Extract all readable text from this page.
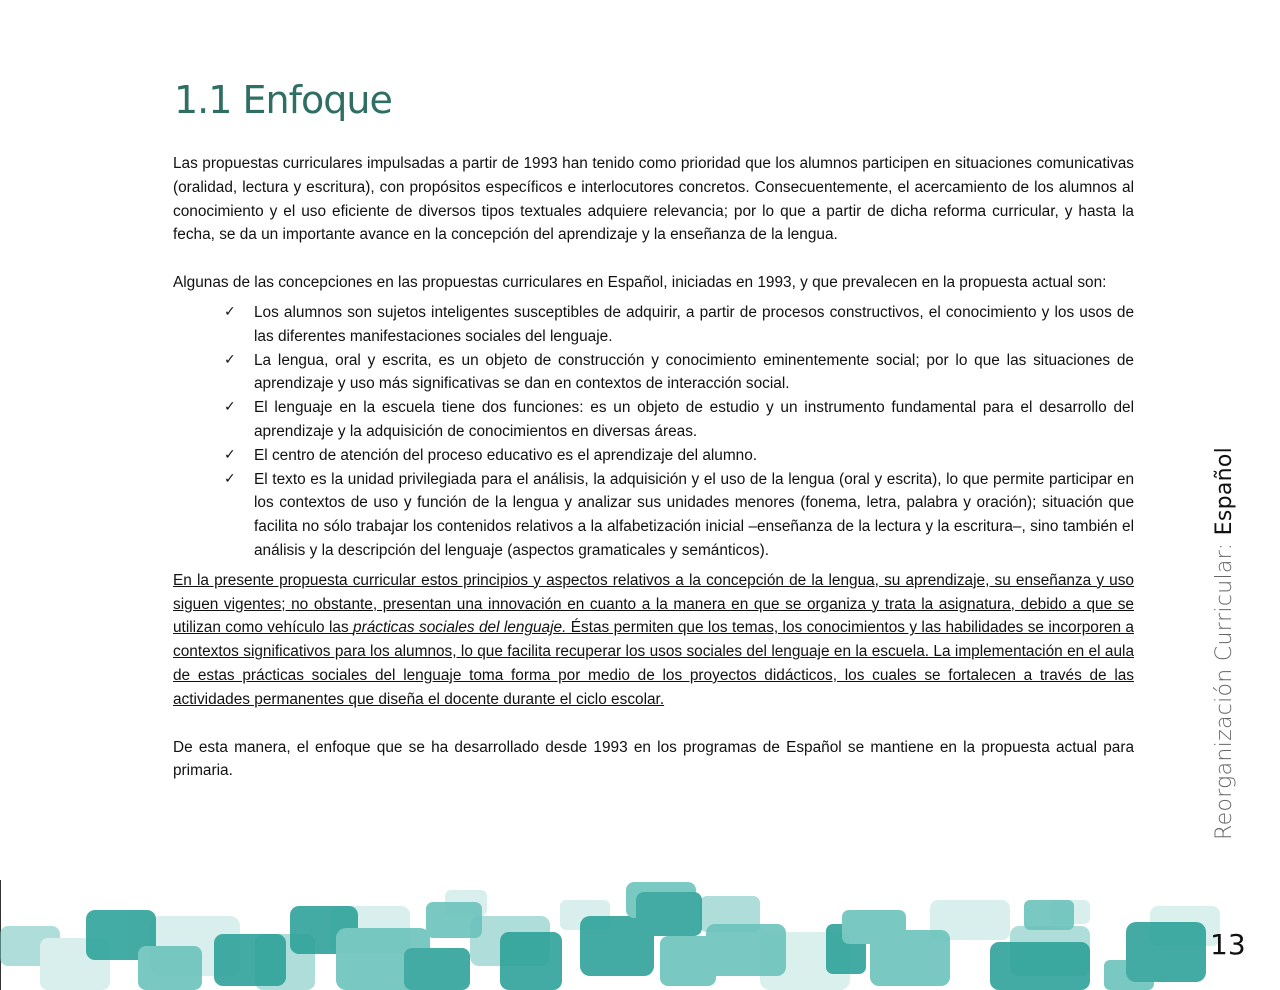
1.1 Enfoque

Las propuestas curriculares impulsadas a partir de 1993 han tenido como prioridad que los alumnos participen en situaciones comunicativas (oralidad, lectura y escritura), con propósitos específicos e interlocutores concretos. Consecuentemente, el acercamiento de los alumnos al conocimiento y el uso eficiente de diversos tipos textuales adquiere relevancia; por lo que a partir de dicha reforma curricular, y hasta la fecha, se da un importante avance en la concepción del aprendizaje y la enseñanza de la lengua.

Algunas de las concepciones en las propuestas curriculares en Español, iniciadas en 1993, y que prevalecen en la propuesta actual son:

✓ Los alumnos son sujetos inteligentes susceptibles de adquirir, a partir de procesos constructivos, el conocimiento y los usos de las diferentes manifestaciones sociales del lenguaje.
✓ La lengua, oral y escrita, es un objeto de construcción y conocimiento eminentemente social; por lo que las situaciones de aprendizaje y uso más significativas se dan en contextos de interacción social.
✓ El lenguaje en la escuela tiene dos funciones: es un objeto de estudio y un instrumento fundamental para el desarrollo del aprendizaje y la adquisición de conocimientos en diversas áreas.
✓ El centro de atención del proceso educativo es el aprendizaje del alumno.
✓ El texto es la unidad privilegiada para el análisis, la adquisición y el uso de la lengua (oral y escrita), lo que permite participar en los contextos de uso y función de la lengua y analizar sus unidades menores (fonema, letra, palabra y oración); situación que facilita no sólo trabajar los contenidos relativos a la alfabetización inicial –enseñanza de la lectura y la escritura–, sino también el análisis y la descripción del lenguaje (aspectos gramaticales y semánticos).

En la presente propuesta curricular estos principios y aspectos relativos a la concepción de la lengua, su aprendizaje, su enseñanza y uso siguen vigentes; no obstante, presentan una innovación en cuanto a la manera en que se organiza y trata la asignatura, debido a que se utilizan como vehículo las prácticas sociales del lenguaje. Éstas permiten que los temas, los conocimientos y las habilidades se incorporen a contextos significativos para los alumnos, lo que facilita recuperar los usos sociales del lenguaje en la escuela. La implementación en el aula de estas prácticas sociales del lenguaje toma forma por medio de los proyectos didácticos, los cuales se fortalecen a través de las actividades permanentes que diseña el docente durante el ciclo escolar.

De esta manera, el enfoque que se ha desarrollado desde 1993 en los programas de Español se mantiene en la propuesta actual para primaria.	Reorganización Curricular: Español
13
